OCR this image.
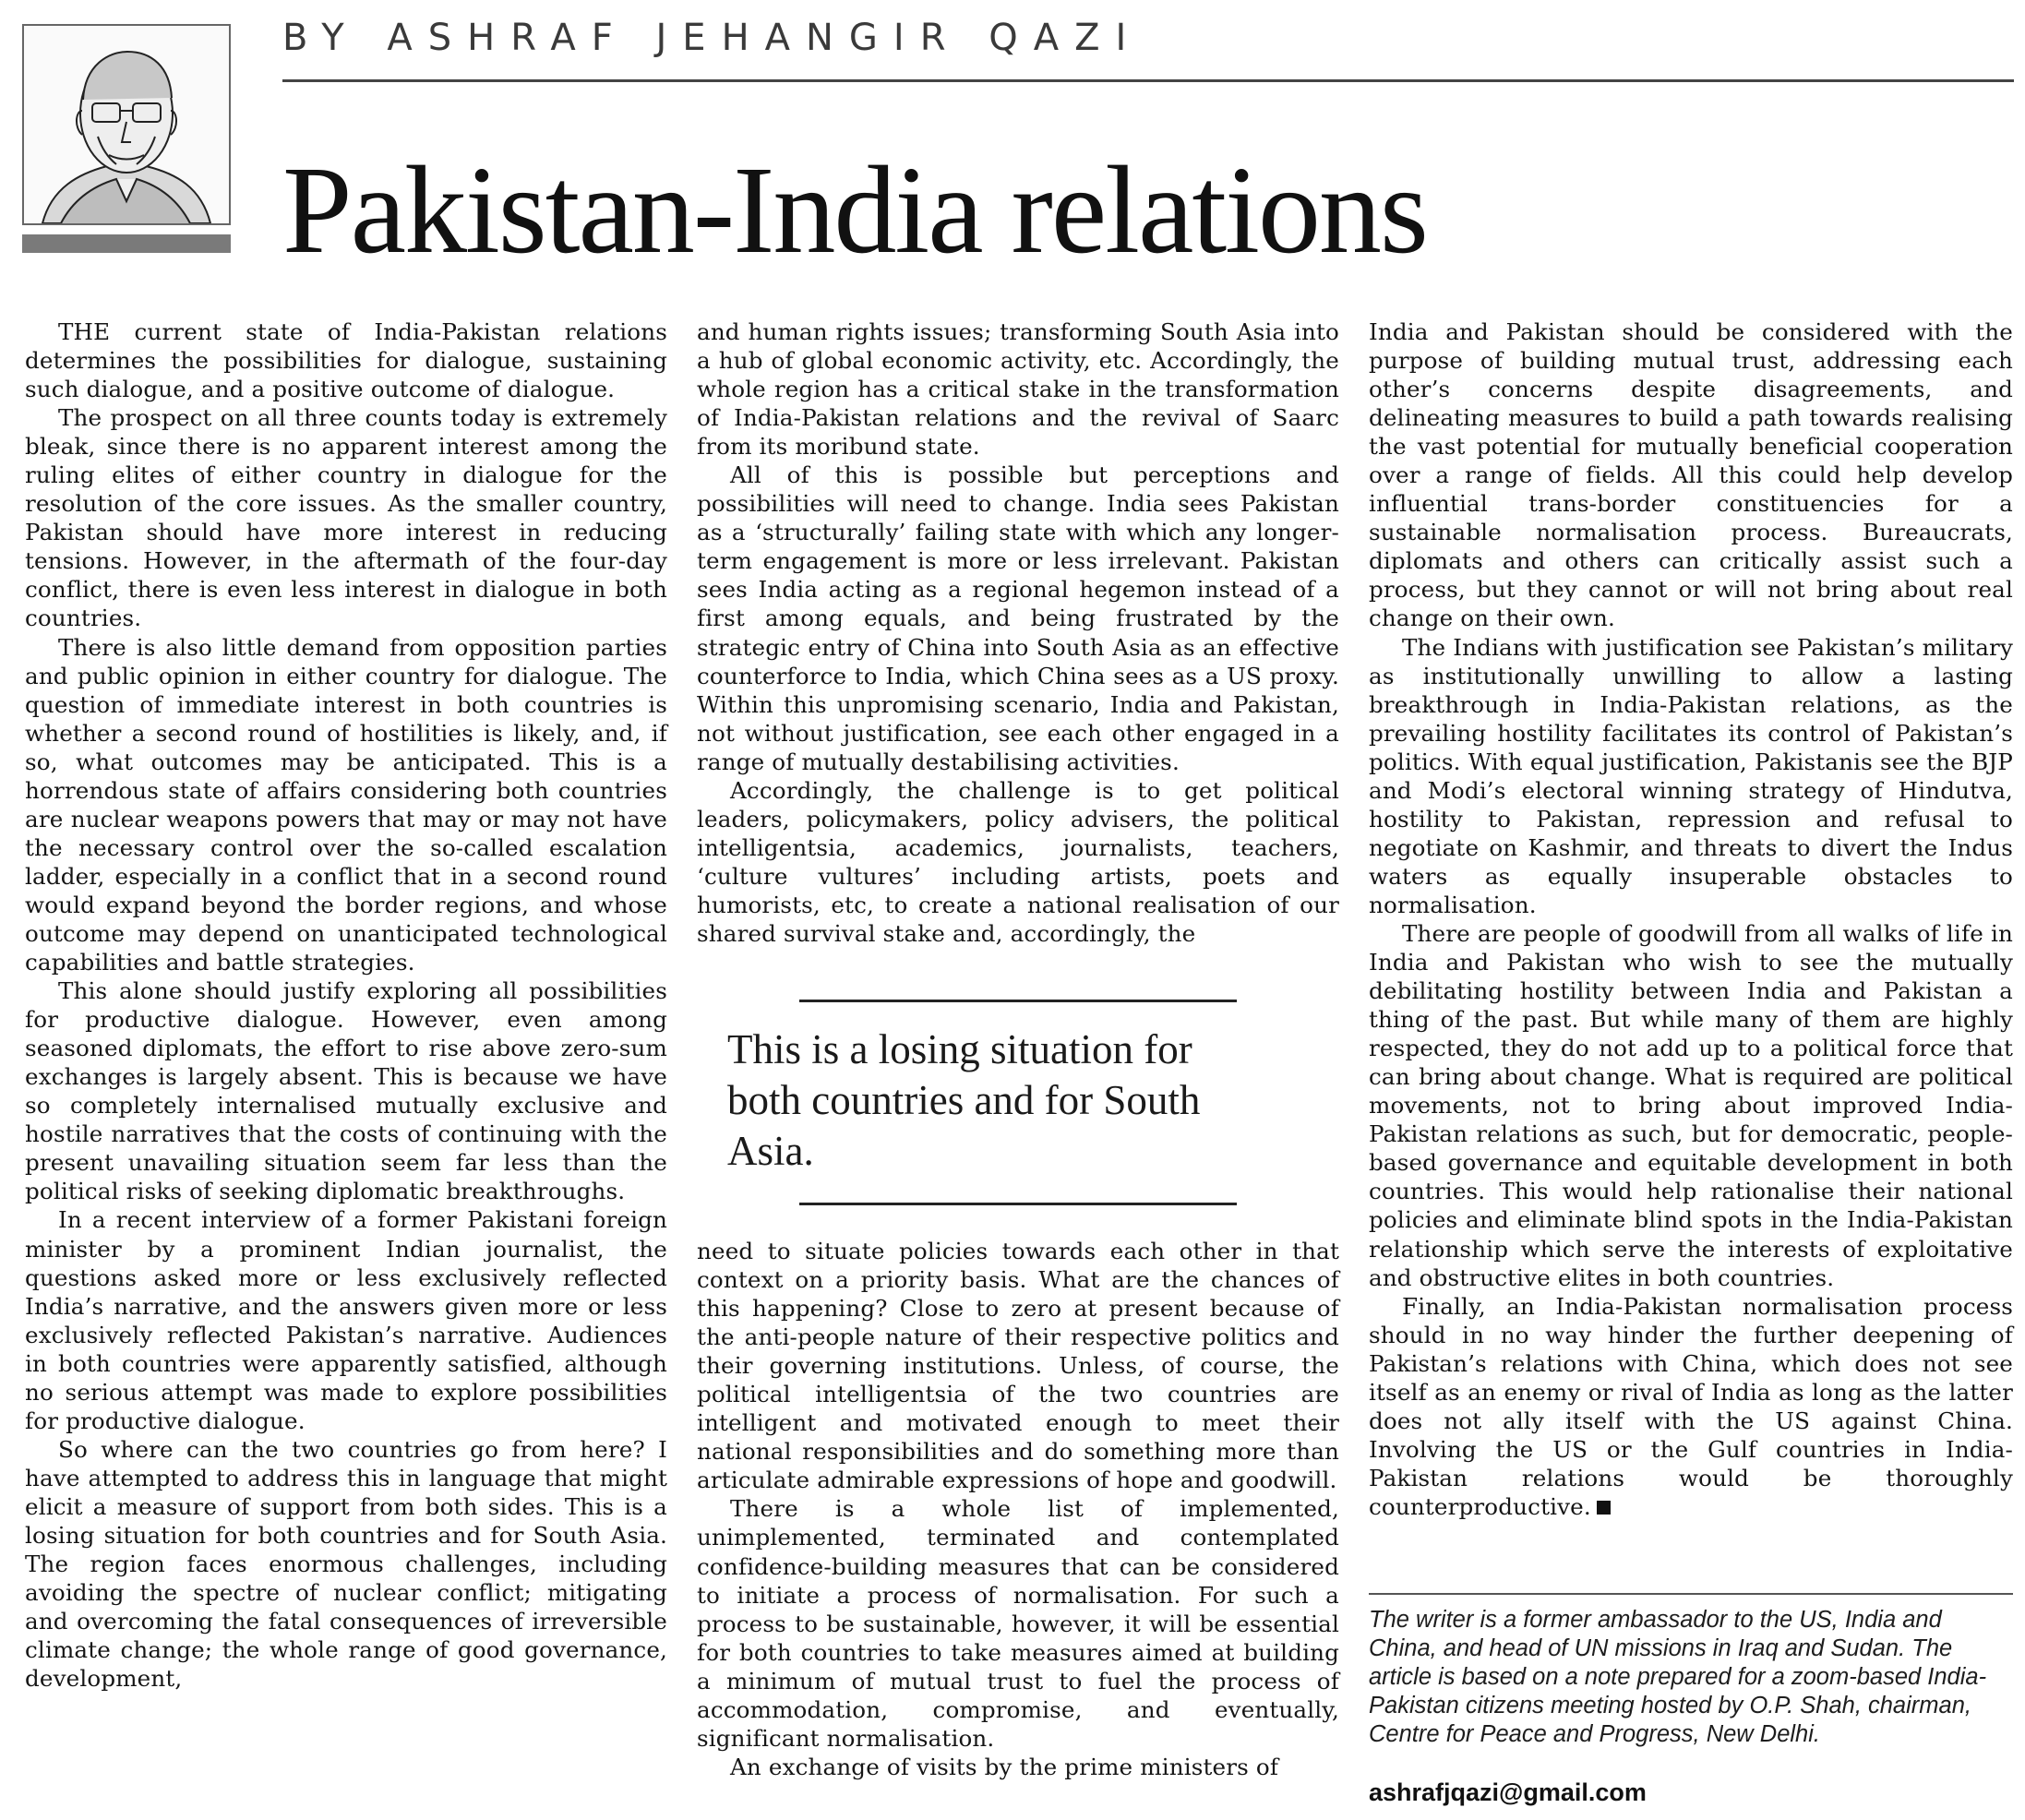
BY ASHRAF JEHANGIR QAZI
Pakistan-India relations

THE current state of India-Pakistan relations determines the possibilities for dialogue, sustaining such dialogue, and a positive outcome of dialogue.

The prospect on all three counts today is extremely bleak, since there is no apparent interest among the ruling elites of either country in dialogue for the resolution of the core issues. As the smaller country, Pakistan should have more interest in reducing tensions. However, in the aftermath of the four-day conflict, there is even less interest in dialogue in both countries.

There is also little demand from opposition parties and public opinion in either country for dialogue. The question of immediate interest in both countries is whether a second round of hostilities is likely, and, if so, what outcomes may be anticipated. This is a horrendous state of affairs considering both countries are nuclear weapons powers that may or may not have the necessary control over the so-called escalation ladder, especially in a conflict that in a second round would expand beyond the border regions, and whose outcome may depend on unanticipated technological capabilities and battle strategies.

This alone should justify exploring all possibilities for productive dialogue. However, even among seasoned diplomats, the effort to rise above zero-sum exchanges is largely absent. This is because we have so completely internalised mutually exclusive and hostile narratives that the costs of continuing with the present unavailing situation seem far less than the political risks of seeking diplomatic breakthroughs.

In a recent interview of a former Pakistani foreign minister by a prominent Indian journalist, the questions asked more or less exclusively reflected India’s narrative, and the answers given more or less exclusively reflected Pakistan’s narrative. Audiences in both countries were apparently satisfied, although no serious attempt was made to explore possibilities for productive dialogue.

So where can the two countries go from here? I have attempted to address this in language that might elicit a measure of support from both sides. This is a losing situation for both countries and for South Asia. The region faces enormous challenges, including avoiding the spectre of nuclear conflict; mitigating and overcoming the fatal consequences of irreversible climate change; the whole range of good governance, development,

and human rights issues; transforming South Asia into a hub of global economic activity, etc. Accordingly, the whole region has a critical stake in the transformation of India-Pakistan relations and the revival of Saarc from its moribund state.

All of this is possible but perceptions and possibilities will need to change. India sees Pakistan as a ‘structurally’ failing state with which any longer-term engagement is more or less irrelevant. Pakistan sees India acting as a regional hegemon instead of a first among equals, and being frustrated by the strategic entry of China into South Asia as an effective counterforce to India, which China sees as a US proxy. Within this unpromising scenario, India and Pakistan, not without justification, see each other engaged in a range of mutually destabilising activities.

Accordingly, the challenge is to get political leaders, policymakers, policy advisers, the political intelligentsia, academics, journalists, teachers, ‘culture vultures’ including artists, poets and humorists, etc, to create a national realisation of our shared survival stake and, accordingly, the

This is a losing situation for both countries and for South Asia.

need to situate policies towards each other in that context on a priority basis. What are the chances of this happening? Close to zero at present because of the anti-people nature of their respective politics and their governing institutions. Unless, of course, the political intelligentsia of the two countries are intelligent and motivated enough to meet their national responsibilities and do something more than articulate admirable expressions of hope and goodwill.

There is a whole list of implemented, unimplemented, terminated and contemplated confidence-building measures that can be considered to initiate a process of normalisation. For such a process to be sustainable, however, it will be essential for both countries to take measures aimed at building a minimum of mutual trust to fuel the process of accommodation, compromise, and eventually, significant normalisation.

An exchange of visits by the prime ministers of

India and Pakistan should be considered with the purpose of building mutual trust, addressing each other’s concerns despite disagreements, and delineating measures to build a path towards realising the vast potential for mutually beneficial cooperation over a range of fields. All this could help develop influential trans-border constituencies for a sustainable normalisation process. Bureaucrats, diplomats and others can critically assist such a process, but they cannot or will not bring about real change on their own.

The Indians with justification see Pakistan’s military as institutionally unwilling to allow a lasting breakthrough in India-Pakistan relations, as the prevailing hostility facilitates its control of Pakistan’s politics. With equal justification, Pakistanis see the BJP and Modi’s electoral winning strategy of Hindutva, hostility to Pakistan, repression and refusal to negotiate on Kashmir, and threats to divert the Indus waters as equally insuperable obstacles to normalisation.

There are people of goodwill from all walks of life in India and Pakistan who wish to see the mutually debilitating hostility between India and Pakistan a thing of the past. But while many of them are highly respected, they do not add up to a political force that can bring about change. What is required are political movements, not to bring about improved India-Pakistan relations as such, but for democratic, people-based governance and equitable development in both countries. This would help rationalise their national policies and eliminate blind spots in the India-Pakistan relationship which serve the interests of exploitative and obstructive elites in both countries.

Finally, an India-Pakistan normalisation process should in no way hinder the further deepening of Pakistan’s relations with China, which does not see itself as an enemy or rival of India as long as the latter does not ally itself with the US against China. Involving the US or the Gulf countries in India-Pakistan relations would be thoroughly counterproductive.

The writer is a former ambassador to the US, India and China, and head of UN missions in Iraq and Sudan. The article is based on a note prepared for a zoom-based India-Pakistan citizens meeting hosted by O.P. Shah, chairman, Centre for Peace and Progress, New Delhi.
ashrafjqazi@gmail.com
